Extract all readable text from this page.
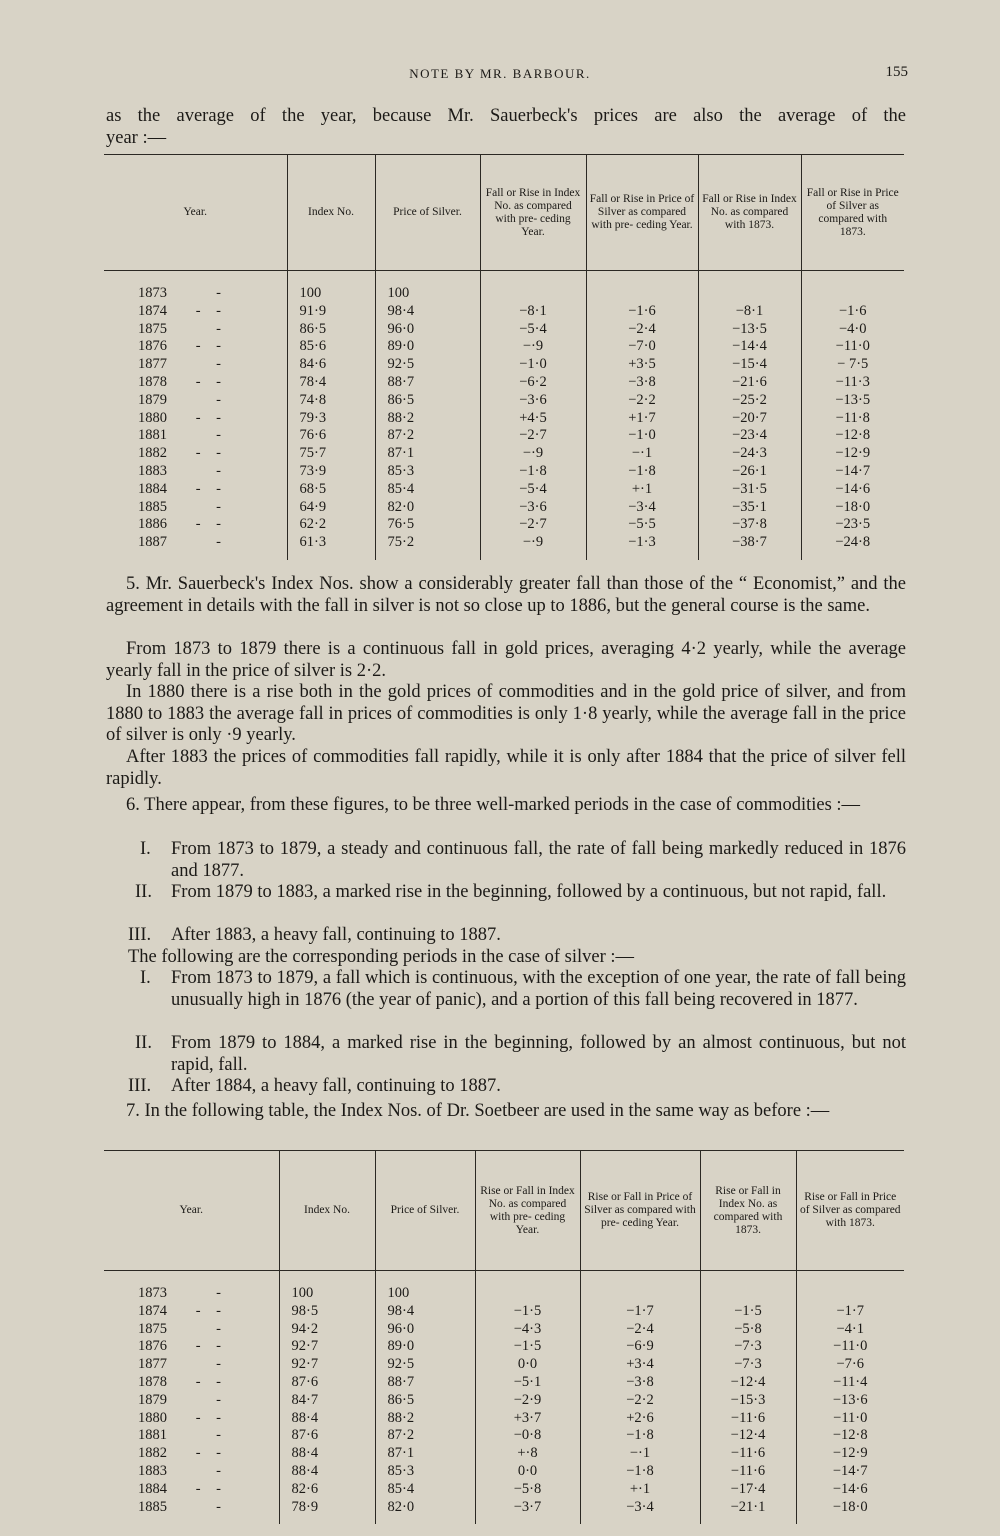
NOTE BY MR. BARBOUR.	155
as the average of the year, because Mr. Sauerbeck's prices are also the average of the
year :—
Year.	Index No.	Price of Silver.	Fall or Rise in Index No. as compared with pre- ceding Year.	Fall or Rise in Price of Silver as compared with pre- ceding Year.	Fall or Rise in Index No. as compared with 1873.	Fall or Rise in Price of Silver as compared with 1873.

1873 -	100	100				
1874 - -	91·9	98·4	−8·1	−1·6	−8·1	−1·6
1875 -	86·5	96·0	−5·4	−2·4	−13·5	−4·0
1876 - -	85·6	89·0	−·9	−7·0	−14·4	−11·0
1877 -	84·6	92·5	−1·0	+3·5	−15·4	− 7·5
1878 - -	78·4	88·7	−6·2	−3·8	−21·6	−11·3
1879 -	74·8	86·5	−3·6	−2·2	−25·2	−13·5
1880 - -	79·3	88·2	+4·5	+1·7	−20·7	−11·8
1881 -	76·6	87·2	−2·7	−1·0	−23·4	−12·8
1882 - -	75·7	87·1	−·9	−·1	−24·3	−12·9
1883 -	73·9	85·3	−1·8	−1·8	−26·1	−14·7
1884 - -	68·5	85·4	−5·4	+·1	−31·5	−14·6
1885 -	64·9	82·0	−3·6	−3·4	−35·1	−18·0
1886 - -	62·2	76·5	−2·7	−5·5	−37·8	−23·5
1887 -	61·3	75·2	−·9	−1·3	−38·7	−24·8

5. Mr. Sauerbeck's Index Nos. show a considerably greater fall than those of the “ Economist,” and the agreement in details with the fall in silver is not so close up to 1886, but the general course is the same.

From 1873 to 1879 there is a continuous fall in gold prices, averaging 4·2 yearly, while the average yearly fall in the price of silver is 2·2.

In 1880 there is a rise both in the gold prices of commodities and in the gold price of silver, and from 1880 to 1883 the average fall in prices of commodities is only 1·8 yearly, while the average fall in the price of silver is only ·9 yearly.

After 1883 the prices of commodities fall rapidly, while it is only after 1884 that the price of silver fell rapidly.

6. There appear, from these figures, to be three well-marked periods in the case of commodities :—

I. From 1873 to 1879, a steady and continuous fall, the rate of fall being markedly reduced in 1876 and 1877.

II. From 1879 to 1883, a marked rise in the beginning, followed by a continuous, but not rapid, fall.

III. After 1883, a heavy fall, continuing to 1887.
The following are the corresponding periods in the case of silver :—
I. From 1873 to 1879, a fall which is continuous, with the exception of one year, the rate of fall being unusually high in 1876 (the year of panic), and a portion of this fall being recovered in 1877.

II. From 1879 to 1884, a marked rise in the beginning, followed by an almost continuous, but not rapid, fall.

III. After 1884, a heavy fall, continuing to 1887.

7. In the following table, the Index Nos. of Dr. Soetbeer are used in the same way as before :—

Year.	Index No.	Price of Silver.	Rise or Fall in Index No. as compared with pre- ceding Year.	Rise or Fall in Price of Silver as compared with pre- ceding Year.	Rise or Fall in Index No. as compared with 1873.	Rise or Fall in Price of Silver as compared with 1873.

1873 -	100	100				
1874 - -	98·5	98·4	−1·5	−1·7	−1·5	−1·7
1875 -	94·2	96·0	−4·3	−2·4	−5·8	−4·1
1876 - -	92·7	89·0	−1·5	−6·9	−7·3	−11·0
1877 -	92·7	92·5	0·0	+3·4	−7·3	−7·6
1878 - -	87·6	88·7	−5·1	−3·8	−12·4	−11·4
1879 -	84·7	86·5	−2·9	−2·2	−15·3	−13·6
1880 - -	88·4	88·2	+3·7	+2·6	−11·6	−11·0
1881 -	87·6	87·2	−0·8	−1·8	−12·4	−12·8
1882 - -	88·4	87·1	+·8	−·1	−11·6	−12·9
1883 -	88·4	85·3	0·0	−1·8	−11·6	−14·7
1884 - -	82·6	85·4	−5·8	+·1	−17·4	−14·6
1885 -	78·9	82·0	−3·7	−3·4	−21·1	−18·0
